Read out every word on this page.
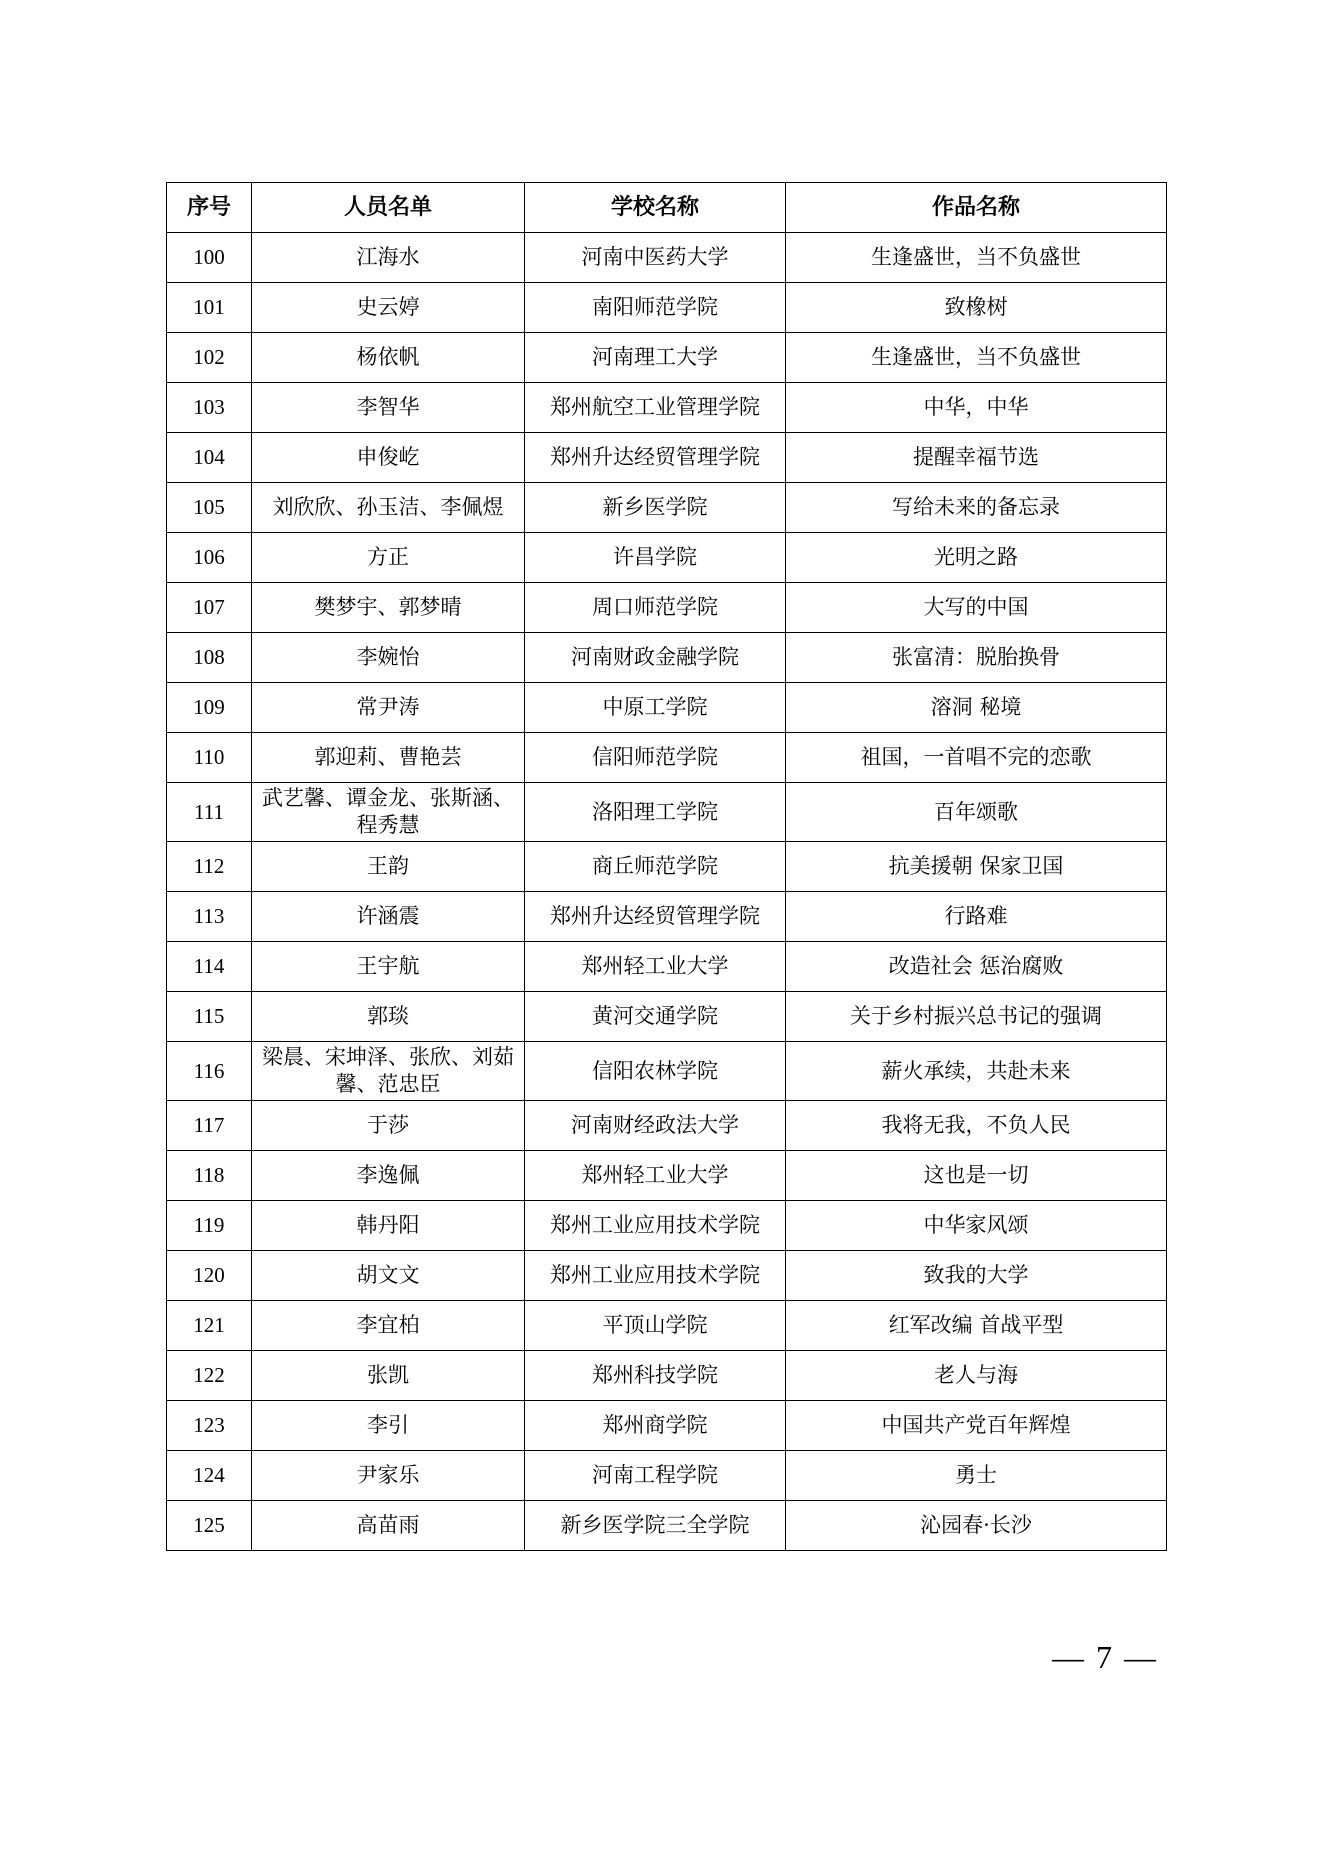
序号	人员名单	学校名称	作品名称
100	江海水	河南中医药大学	生逢盛世，当不负盛世
101	史云婷	南阳师范学院	致橡树
102	杨依帆	河南理工大学	生逢盛世，当不负盛世
103	李智华	郑州航空工业管理学院	中华，中华
104	申俊屹	郑州升达经贸管理学院	提醒幸福节选
105	刘欣欣、孙玉洁、李佩煜	新乡医学院	写给未来的备忘录
106	方正	许昌学院	光明之路
107	樊梦宇、郭梦晴	周口师范学院	大写的中国
108	李婉怡	河南财政金融学院	张富清：脱胎换骨
109	常尹涛	中原工学院	溶洞 秘境
110	郭迎莉、曹艳芸	信阳师范学院	祖国，一首唱不完的恋歌
111	武艺馨、谭金龙、张斯涵、程秀慧	洛阳理工学院	百年颂歌
112	王韵	商丘师范学院	抗美援朝 保家卫国
113	许涵震	郑州升达经贸管理学院	行路难
114	王宇航	郑州轻工业大学	改造社会 惩治腐败
115	郭琰	黄河交通学院	关于乡村振兴总书记的强调
116	梁晨、宋坤泽、张欣、刘茹馨、范忠臣	信阳农林学院	薪火承续，共赴未来
117	于莎	河南财经政法大学	我将无我，不负人民
118	李逸佩	郑州轻工业大学	这也是一切
119	韩丹阳	郑州工业应用技术学院	中华家风颂
120	胡文文	郑州工业应用技术学院	致我的大学
121	李宜柏	平顶山学院	红军改编 首战平型
122	张凯	郑州科技学院	老人与海
123	李引	郑州商学院	中国共产党百年辉煌
124	尹家乐	河南工程学院	勇士
125	高苗雨	新乡医学院三全学院	沁园春·长沙
— 7 —
